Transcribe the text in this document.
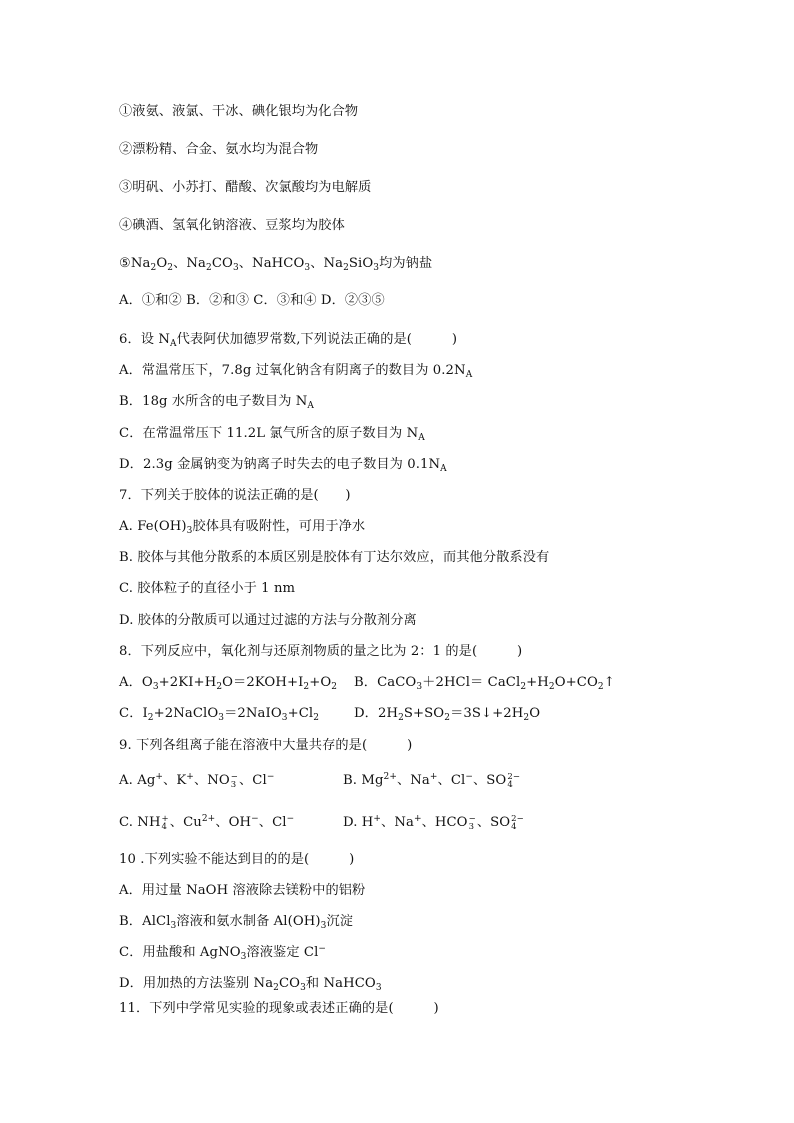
①液氨、液氯、干冰、碘化银均为化合物
②漂粉精、合金、氨水均为混合物
③明矾、小苏打、醋酸、次氯酸均为电解质
④碘酒、氢氧化钠溶液、豆浆均为胶体
$⑤Na_2O_2$、$Na_2CO_3$、NaHCO$_3$、$Na_2SiO_3$均为钠盐
A．①和② B．②和③ C．③和④ D．②③⑤
6．设 $N_A$代表阿伏加德罗常数,下列说法正确的是(　　　)
A．常温常压下，7.8g 过氧化钠含有阴离子的数目为 $0.2N_A$
B．18g 水所含的电子数目为 $N_A$
C．在常温常压下 11.2L 氯气所含的原子数目为 $N_A$
D．2.3g 金属钠变为钠离子时失去的电子数目为 $0.1N_A$
7．下列关于胶体的说法正确的是(　　)
A. $Fe(OH)_3$胶体具有吸附性，可用于净水
B. 胶体与其他分散系的本质区别是胶体有丁达尔效应，而其他分散系没有
C. 胶体粒子的直径小于 1 nm
D. 胶体的分散质可以通过过滤的方法与分散剂分离
8．下列反应中，氧化剂与还原剂物质的量之比为 2：1 的是(　　　)
A．$O_3+2KI+H_2O=2KOH+I_2+O_2$ B．CaCO$_3$＋2HCl＝ $CaCl_2+H_2O+CO_2↑$
C．$I_2+2NaClO_3=2NaIO_3+Cl_2$	D．$2H_2S+SO_2=3S↓+2H_2O$
9. 下列各组离子能在溶液中大量共存的是(　　　)
A. Ag+、K+、NO −
3 、Cl−	B. $Mg^{2+}$、Na+、Cl−、SO 2−
4
C. NH +
4 、$Cu^{2+}$、OH−、Cl−	D. H+、Na+、HCO −
3 、SO 2−
4
10 .下列实验不能达到目的的是(　　　)
A．用过量 NaOH 溶液除去镁粉中的铝粉
B．AlCl$_3$溶液和氨水制备 $Al(OH)_3$沉淀
C．用盐酸和 AgNO$_3$溶液鉴定 Cl−
D．用加热的方法鉴别 $Na_2CO_3$和 NaHCO$_3$
11．下列中学常见实验的现象或表述正确的是(　　　)
